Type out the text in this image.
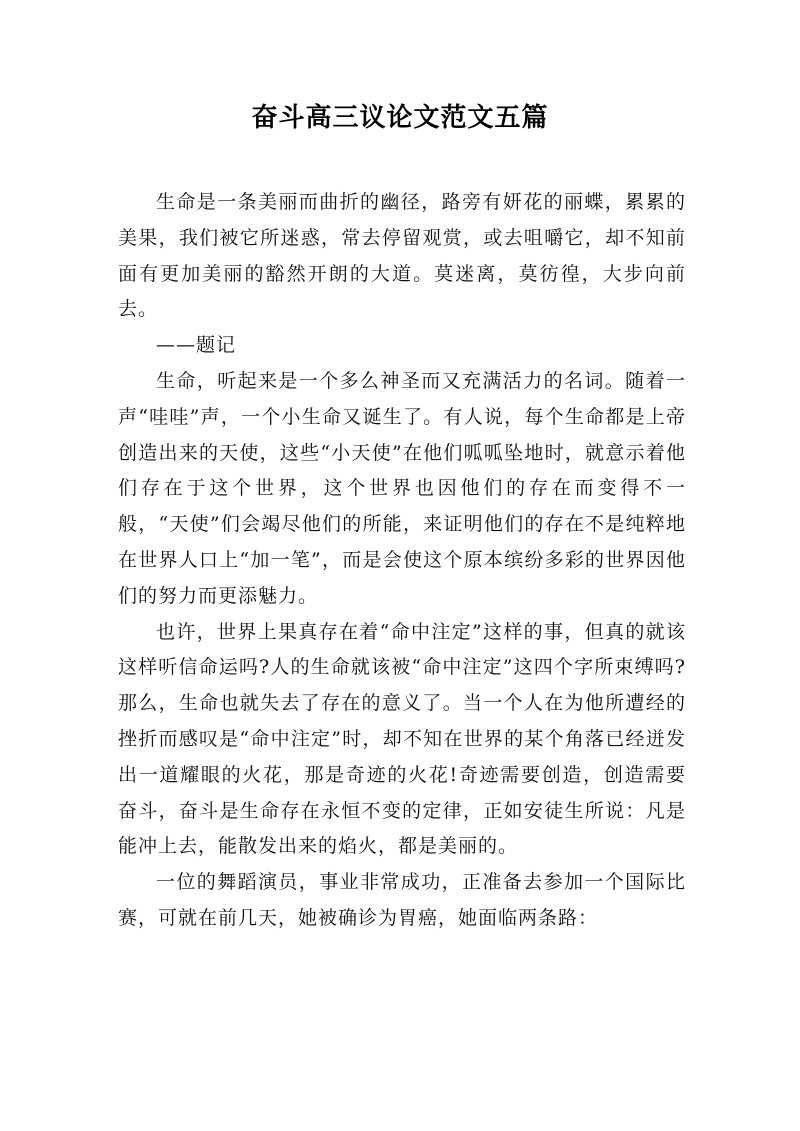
奋斗高三议论文范文五篇

生命是一条美丽而曲折的幽径，路旁有妍花的丽蝶，累累的美果，我们被它所迷惑，常去停留观赏，或去咀嚼它，却不知前面有更加美丽的豁然开朗的大道。莫迷离，莫彷徨，大步向前去。

——题记

生命，听起来是一个多么神圣而又充满活力的名词。随着一声“哇哇”声，一个小生命又诞生了。有人说，每个生命都是上帝创造出来的天使，这些“小天使”在他们呱呱坠地时，就意示着他们存在于这个世界，这个世界也因他们的存在而变得不一般，“天使”们会竭尽他们的所能，来证明他们的存在不是纯粹地在世界人口上“加一笔”，而是会使这个原本缤纷多彩的世界因他们的努力而更添魅力。

也许，世界上果真存在着“命中注定”这样的事，但真的就该这样听信命运吗?人的生命就该被“命中注定”这四个字所束缚吗?那么，生命也就失去了存在的意义了。当一个人在为他所遭经的挫折而感叹是“命中注定”时，却不知在世界的某个角落已经迸发出一道耀眼的火花，那是奇迹的火花!奇迹需要创造，创造需要奋斗，奋斗是生命存在永恒不变的定律，正如安徒生所说：凡是能冲上去，能散发出来的焰火，都是美丽的。

一位的舞蹈演员，事业非常成功，正准备去参加一个国际比赛，可就在前几天，她被确诊为胃癌，她面临两条路：
